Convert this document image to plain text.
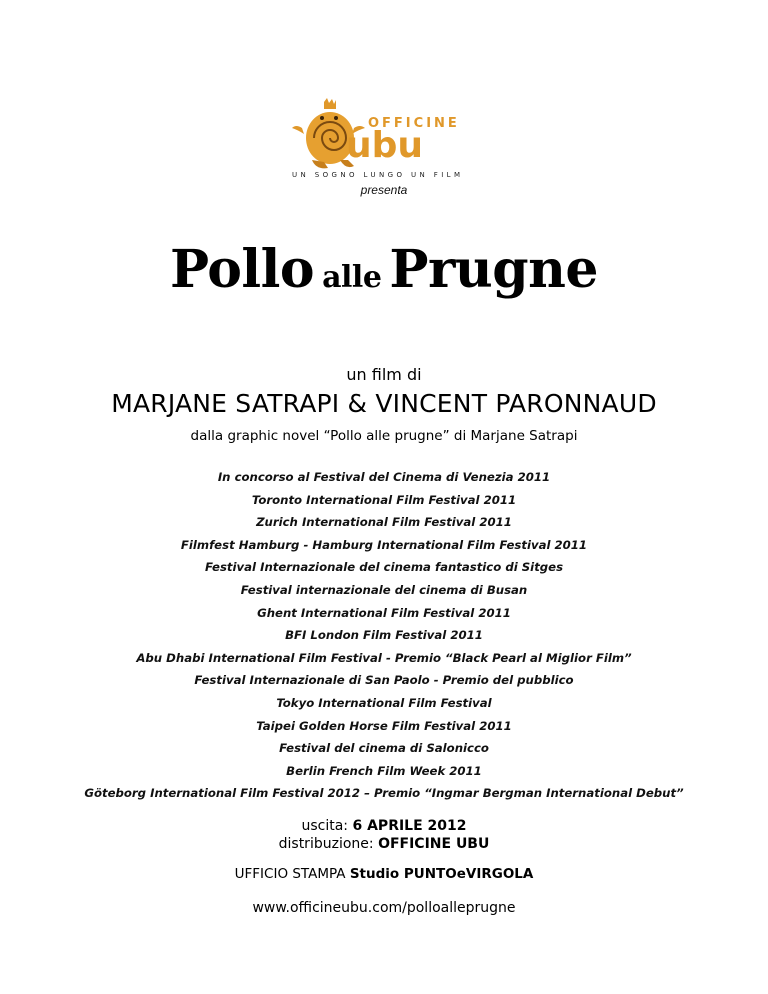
OFFICINE
ubu
UN SOGNO LUNGO UN FILM
presenta
Pollo alle Prugne
un film di
MARJANE SATRAPI & VINCENT PARONNAUD
dalla graphic novel “Pollo alle prugne” di Marjane Satrapi
In concorso al Festival del Cinema di Venezia 2011
Toronto International Film Festival 2011
Zurich International Film Festival 2011
Filmfest Hamburg - Hamburg International Film Festival 2011
Festival Internazionale del cinema fantastico di Sitges
Festival internazionale del cinema di Busan
Ghent International Film Festival 2011
BFI London Film Festival 2011
Abu Dhabi International Film Festival - Premio “Black Pearl al Miglior Film”
Festival Internazionale di San Paolo - Premio del pubblico
Tokyo International Film Festival
Taipei Golden Horse Film Festival 2011
Festival del cinema di Salonicco
Berlin French Film Week 2011
Göteborg International Film Festival 2012 – Premio “Ingmar Bergman International Debut”
uscita: 6 APRILE 2012
distribuzione: OFFICINE UBU
UFFICIO STAMPA Studio PUNTOeVIRGOLA
www.officineubu.com/polloalleprugne
